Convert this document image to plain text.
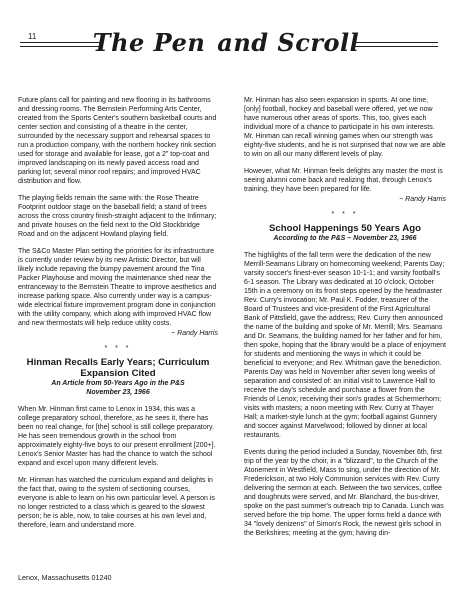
11 The Pen and Scroll

Future plans call for painting and new flooring in its bathrooms and dressing rooms. The Bernstein Performing Arts Center, created from the Sports Center's southern basketball courts and center section and consisting of a theatre in the center, surrounded by the necessary support and rehearsal spaces to run a production company, with the northern hockey rink section used for storage and available for lease, got a 2" top-coat and improved landscaping on its newly paved access road and parking lot; several minor roof repairs; and improved HVAC distribution and flow.

The playing fields remain the same with: the Rose Theatre Footprint outdoor stage on the baseball field; a stand of trees across the cross country finish-straight adjacent to the Infirmary; and private houses on the field next to the Old Stockbridge Road and on the adjacent Howland playing field.

The S&Co Master Plan setting the priorities for its infrastructure is currently under review by its new Artistic Director, but will likely include repaving the bumpy pavement around the Tina Packer Playhouse and moving the maintenance shed near the entranceway to the Bernstein Theatre to improve aesthetics and increase parking space. Also currently under way is a campus-wide electrical fixture improvement program done in conjunction with the utility company, which along with improved HVAC flow and new thermostats will help reduce utility costs.

~ Randy Harris
* * *
Hinman Recalls Early Years; Curriculum Expansion Cited
An Article from 50-Years Ago in the P&S
November 23, 1966

When Mr. Hinman first came to Lenox in 1934, this was a college preparatory school, therefore, as he sees it, there has been no real change, for [the] school is still college preparatory. He has seen tremendous growth in the school from approximately eighty-five boys to our present enrollment [200+]. Lenox's Senior Master has had the chance to watch the school expand and excel upon many different levels.

Mr. Hinman has watched the curriculum expand and delights in the fact that, owing to the system of sectioning courses, everyone is able to learn on his own particular level. A person is no longer restricted to a class which is geared to the slowest person; he is able, now, to take courses at his own level and, therefore, learn and understand more.

Mr. Hinman has also seen expansion in sports. At one time, [only] football, hockey and baseball were offered, yet we now have numerous other areas of sports. This, too, gives each individual more of a chance to participate in his own interests. Mr. Hinman can recall winning games when our strength was eighty-five students, and he is not surprised that now we are able to win on all our many different levels of play.

However, what Mr. Hinman feels delights any master the most is seeing alumni come back and realizing that, through Lenox's training, they have been prepared for life.

~ Randy Harris
* * *
School Happenings 50 Years Ago
According to the P&S – November 23, 1966

The highlights of the fall term were the dedication of the new Merrill-Seamans Library on homecoming weekend; Parents Day; varsity soccer's finest-ever season 10-1-1; and varsity football's 6-1 season. The Library was dedicated at 10 o'clock, October 15th in a ceremony on its front steps opened by the headmaster Rev. Curry's invocation; Mr. Paul K. Fodder, treasurer of the Board of Trustees and vice-president of the First Agricultural Bank of Pittsfield, gave the address; Rev. Curry then announced the name of the building and spoke of Mr. Merrill; Mrs. Seamans and Dr. Seamans, the building named for her father and for him, then spoke, hoping that the library would be a place of enjoyment for students and mentioning the ways in which it could be beneficial to everyone; and Rev. Whitman gave the benediction. Parents Day was held in November after seven long weeks of separation and consisted of: an initial visit to Lawrence Hall to receive the day's schedule and purchase a flower from the Friends of Lenox; receiving their son's grades at Schermerhorn; visits with masters; a noon meeting with Rev. Curry at Thayer Hall; a market-style lunch at the gym; football against Gunnery and soccer against Marvelwood; followed by dinner at local restaurants.

Events during the period included a Sunday, November 6th, first trip of the year by the choir, in a "blizzard", to the Church of the Atonement in Westfield, Mass to sing, under the direction of Mr. Frederickson, at two Holy Communion services with Rev. Curry delivering the sermon at each. Between the two services, coffee and doughnuts were served, and Mr. Blanchard, the bus-driver, spoke on the past summer's outreach trip to Canada. Lunch was served before the trip home. The upper forms held a dance with 34 "lovely denizens" of Simon's Rock, the newest girls school in the Berkshires; meeting at the gym; having din-

Lenox, Massachusetts 01240
